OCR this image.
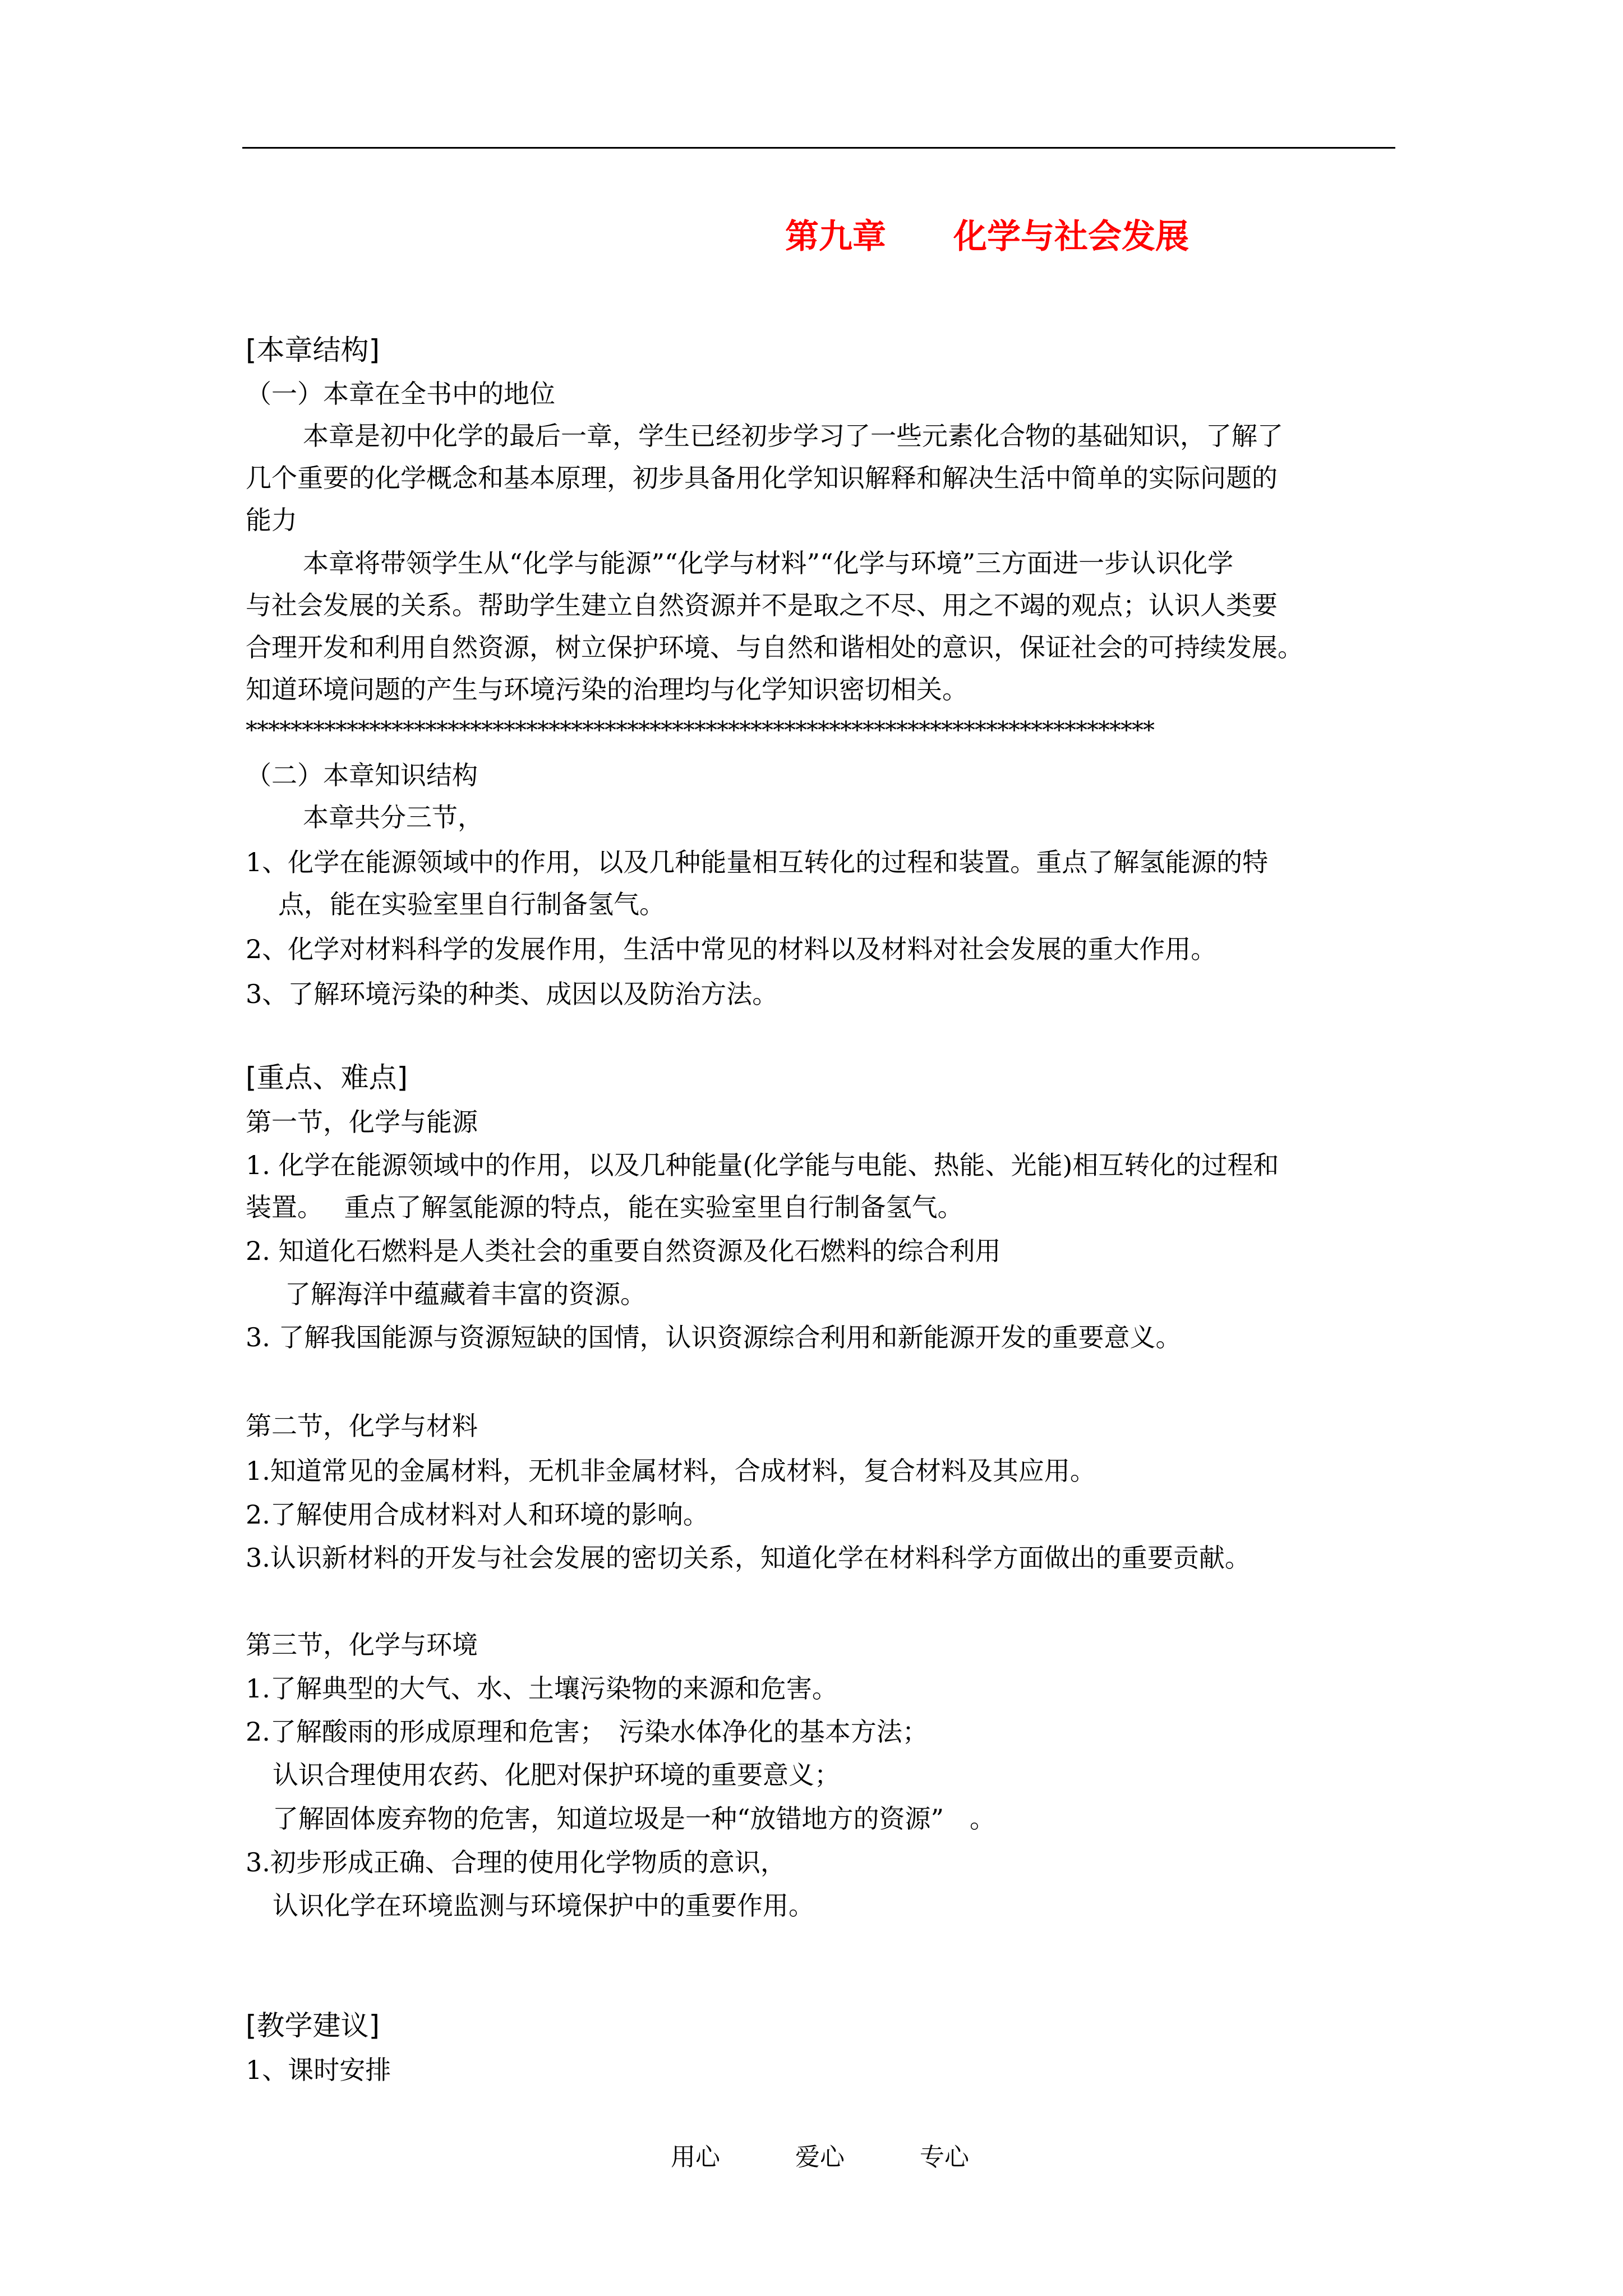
第九章　　化学与社会发展
[本章结构]
（一）本章在全书中的地位
本章是初中化学的最后一章，学生已经初步学习了一些元素化合物的基础知识，了解了
几个重要的化学概念和基本原理，初步具备用化学知识解释和解决生活中简单的实际问题的
能力
本章将带领学生从“化学与能源”“化学与材料”“化学与环境”三方面进一步认识化学
与社会发展的关系。帮助学生建立自然资源并不是取之不尽、用之不竭的观点；认识人类要
合理开发和利用自然资源，树立保护环境、与自然和谐相处的意识，保证社会的可持续发展。
知道环境问题的产生与环境污染的治理均与化学知识密切相关。
*********************************************************************************
（二）本章知识结构
本章共分三节，
1、化学在能源领域中的作用，以及几种能量相互转化的过程和装置。重点了解氢能源的特
点，能在实验室里自行制备氢气。
2、化学对材料科学的发展作用，生活中常见的材料以及材料对社会发展的重大作用。
3、了解环境污染的种类、成因以及防治方法。
[重点、难点]
第一节，化学与能源
1. 化学在能源领域中的作用，以及几种能量(化学能与电能、热能、光能)相互转化的过程和
装置。　 重点了解氢能源的特点，能在实验室里自行制备氢气。
2. 知道化石燃料是人类社会的重要自然资源及化石燃料的综合利用
了解海洋中蕴藏着丰富的资源。
3. 了解我国能源与资源短缺的国情，认识资源综合利用和新能源开发的重要意义。
第二节，化学与材料
1.知道常见的金属材料，无机非金属材料，合成材料，复合材料及其应用。
2.了解使用合成材料对人和环境的影响。
3.认识新材料的开发与社会发展的密切关系，知道化学在材料科学方面做出的重要贡献。
第三节，化学与环境
1.了解典型的大气、水、土壤污染物的来源和危害。
2.了解酸雨的形成原理和危害；　污染水体净化的基本方法；
认识合理使用农药、化肥对保护环境的重要意义；
了解固体废弃物的危害，知道垃圾是一种“放错地方的资源”　。
3.初步形成正确、合理的使用化学物质的意识，
认识化学在环境监测与环境保护中的重要作用。
[教学建议]
1、课时安排
用心	爱心	专心
